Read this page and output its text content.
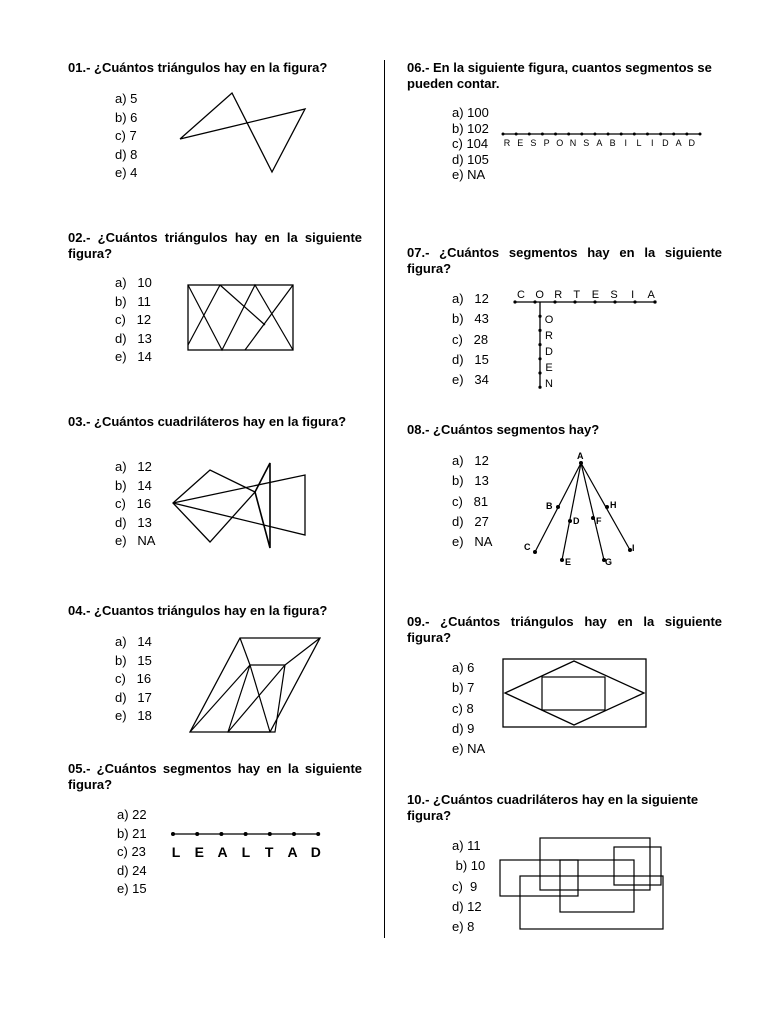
01.- ¿Cuántos triángulos hay en la figura?
a) 5
b) 6
c) 7
d) 8
e) 4
02.- ¿Cuántos triángulos hay en la siguiente figura?
a)   10
b)   11
c)   12
d)   13
e)   14
03.- ¿Cuántos cuadriláteros hay en la figura?
a)   12
b)   14
c)   16
d)   13
e)   NA
04.- ¿Cuantos triángulos hay en la figura?
a)   14
b)   15
c)   16
d)   17
e)   18
05.- ¿Cuántos segmentos hay en la siguiente figura?
a) 22
b) 21
c) 23
d) 24
e) 15
L E A L T A D
06.- En la siguiente figura, cuantos segmentos se pueden contar.
a) 100
b) 102
c) 104
d) 105
e) NA
R E S P O N S A B I L I D A D
07.- ¿Cuántos segmentos hay en la siguiente figura?
a)   12
b)   43
c)   28
d)   15
e)   34
C O R T E S I A
O
R
D
E
N
08.- ¿Cuántos segmentos hay?
a)   12
b)   13
c)   81
d)   27
e)   NA
A
B
D F
H
C
E	G
I
09.- ¿Cuántos triángulos hay en la siguiente figura?
a) 6
b) 7
c) 8
d) 9
e) NA
10.- ¿Cuántos cuadriláteros hay en la siguiente figura?
a) 11
b) 10
c)  9
d) 12
e) 8
